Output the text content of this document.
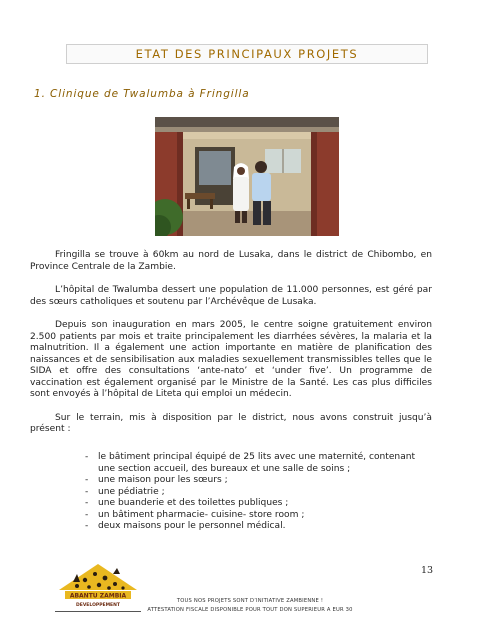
ETAT DES PRINCIPAUX PROJETS
1. Clinique de Twalumba à Fringilla

Fringilla se trouve à 60km au nord de Lusaka, dans le district de Chibombo, en Province Centrale de la Zambie.

L’hôpital de Twalumba dessert une population de 11.000 personnes, est géré par des sœurs catholiques et soutenu par l’Archévêque de Lusaka.

Depuis son inauguration en mars 2005, le centre soigne gratuitement environ 2.500 patients par mois et traite principalement les diarrhées sévères, la malaria et la malnutrition. Il a également une action importante en matière de planification des naissances et de sensibilisation aux maladies sexuellement transmissibles telles que le SIDA et offre des consultations ‘ante-nato’ et ‘under five’. Un programme de vaccination est également organisé par le Ministre de la Santé. Les cas plus difficiles sont envoyés à l’hôpital de Liteta qui emploi un médecin.

Sur le terrain, mis à disposition par le district, nous avons construit jusqu’à présent :

-	le bâtiment principal équipé de 25 lits avec une maternité, contenant une section accueil, des bureaux et une salle de soins ;
-	une maison pour les sœurs ;
-	une pédiatrie ;
-	une buanderie et des toilettes publiques ;
-	un bâtiment pharmacie- cuisine- store room ;
-	deux maisons pour le personnel médical.
13
ABANTU ZAMBIA
DEVELOPPEMENT
TOUS NOS PROJETS SONT D’INITIATIVE ZAMBIENNE !
ATTESTATION FISCALE DISPONIBLE POUR TOUT DON SUPERIEUR A EUR 30
